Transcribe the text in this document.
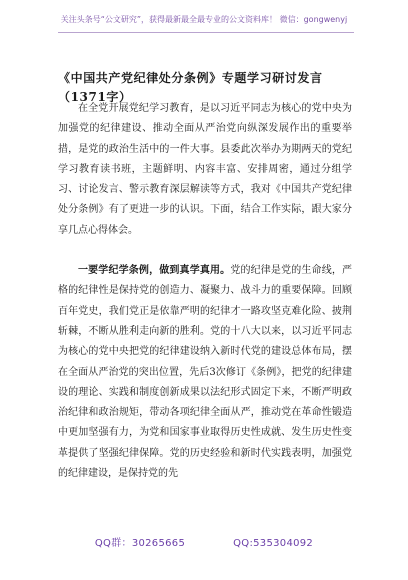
关注头条号“公文研究”，获得最新最全最专业的公文资料库！ 微信：gongwenyj
《中国共产党纪律处分条例》专题学习研讨发言（1371字）

在全党开展党纪学习教育，是以习近平同志为核心的党中央为加强党的纪律建设、推动全面从严治党向纵深发展作出的重要举措，是党的政治生活中的一件大事。县委此次举办为期两天的党纪学习教育读书班，主题鲜明、内容丰富、安排周密，通过分组学习、讨论发言、警示教育深层解读等方式，我对《中国共产党纪律处分条例》有了更进一步的认识。下面，结合工作实际，跟大家分享几点心得体会。

一要学纪学条例，做到真学真用。党的纪律是党的生命线，严格的纪律性是保持党的创造力、凝聚力、战斗力的重要保障。回顾百年党史，我们党正是依靠严明的纪律才一路攻坚克难化险、披荆斩棘，不断从胜利走向新的胜利。党的十八大以来，以习近平同志为核心的党中央把党的纪律建设纳入新时代党的建设总体布局，摆在全面从严治党的突出位置，先后3次修订《条例》，把党的纪律建设的理论、实践和制度创新成果以法纪形式固定下来，不断严明政治纪律和政治规矩，带动各项纪律全面从严，推动党在革命性锻造中更加坚强有力，为党和国家事业取得历史性成就、发生历史性变革提供了坚强纪律保障。党的历史经验和新时代实践表明，加强党的纪律建设，是保持党的先

QQ群：30265665	QQ:535304092
